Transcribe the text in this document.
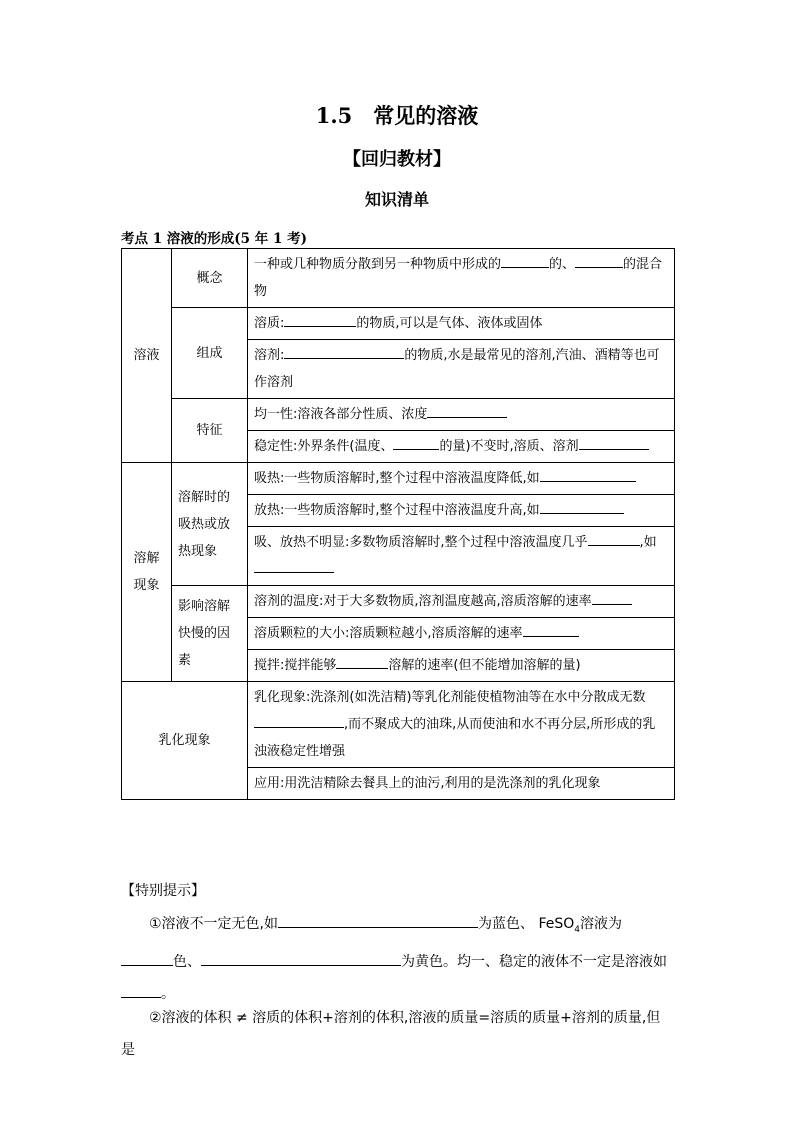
1.5　常见的溶液
【回归教材】
知识清单
考点 1 溶液的形成(5 年 1 考)
溶液	概念	一种或几种物质分散到另一种物质中形成的 的、 的混合物
	组成	溶质: 的物质,可以是气体、液体或固体
		溶剂: 的物质,水是最常见的溶剂,汽油、酒精等也可作溶剂
	特征	均一性:溶液各部分性质、浓度
		稳定性:外界条件(温度、 的量)不变时,溶质、溶剂
溶解现象	溶解时的吸热或放热现象	吸热:一些物质溶解时,整个过程中溶液温度降低,如
		放热:一些物质溶解时,整个过程中溶液温度升高,如
		吸、放热不明显:多数物质溶解时,整个过程中溶液温度几乎 ,如
	影响溶解快慢的因素	溶剂的温度:对于大多数物质,溶剂温度越高,溶质溶解的速率
		溶质颗粒的大小:溶质颗粒越小,溶质溶解的速率
		搅拌:搅拌能够 溶解的速率(但不能增加溶解的量)
乳化现象		乳化现象:洗涤剂(如洗洁精)等乳化剂能使植物油等在水中分散成无数,而不聚成大的油珠,从而使油和水不再分层,所形成的乳浊液稳定性增强
		应用:用洗洁精除去餐具上的油污,利用的是洗涤剂的乳化现象
【特别提示】
①溶液不一定无色,如	为蓝色、 FeSO$_4$溶液为
色、	为黄色。均一、稳定的液体不一定是溶液如
。
②溶液的体积 ≠ 溶质的体积+溶剂的体积,溶液的质量=溶质的质量+溶剂的质量,但是
